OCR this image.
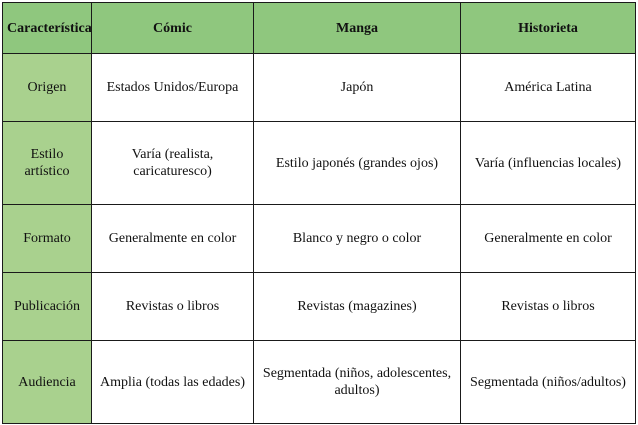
Característica	Cómic	Manga	Historieta
Origen	Estados Unidos/Europa	Japón	América Latina
Estilo artístico	Varía (realista, caricaturesco)	Estilo japonés (grandes ojos)	Varía (influencias locales)
Formato	Generalmente en color	Blanco y negro o color	Generalmente en color
Publicación	Revistas o libros	Revistas (magazines)	Revistas o libros
Audiencia	Amplia (todas las edades)	Segmentada (niños, adolescentes, adultos)	Segmentada (niños/adultos)
